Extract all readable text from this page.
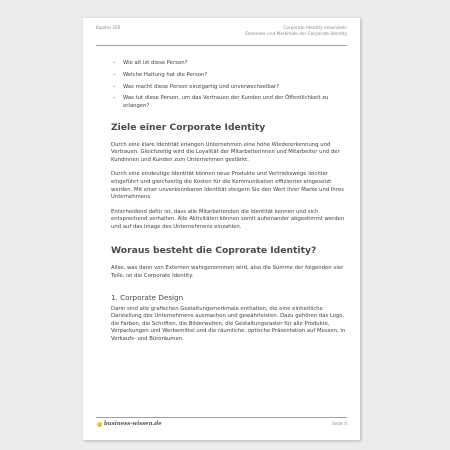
Kapitel 200	Corporate Identity entwickeln
Elemente und Merkmale der Corporate Identity
– Wie alt ist diese Person?
– Welche Haltung hat die Person?
– Was macht diese Person einzigartig und unverwechselbar?
– Was tut diese Person, um das Vertrauen der Kunden und der Öffentlichkeit zu erlangen?
Ziele einer Corporate Identity

Durch eine klare Identität erlangen Unternehmen eine hohe Wiedererkennung und Vertrauen. Gleichzeitig wird die Loyalität der Mitarbeiterinnen und Mitarbeiter und der Kundinnen und Kunden zum Unternehmen gestärkt.

Durch eine eindeutige Identität können neue Produkte und Vertriebswege leichter eingeführt und gleichzeitig die Kosten für die Kommunikation effizienter eingesetzt werden. Mit einer unverkennbaren Identität steigern Sie den Wert Ihrer Marke und Ihres Unternehmens.

Entscheidend dafür ist, dass alle Mitarbeitenden die Identität kennen und sich entsprechend verhalten. Alle Aktivitäten können somit aufeinander abgestimmt werden und auf das Image des Unternehmens einzahlen.

Woraus besteht die Coprorate Identity?

Alles, was dann von Externen wahrgenommen wird, also die Summe der folgenden vier Teile, ist die Corporate Identity.

1. Corporate Design

Darin sind alle grafischen Gestaltungsmerkmale enthalten, die eine einheitliche Darstellung des Unternehmens ausmachen und gewährleisten. Dazu gehören das Logo, die Farben, die Schriften, die Bilderwelten, die Gestaltungsraster für alle Produkte, Verpackungen und Werbemittel und die räumliche, optische Präsentation auf Messen, in Verkaufs- und Büroräumen.

business-wissen.de	Seite 4
